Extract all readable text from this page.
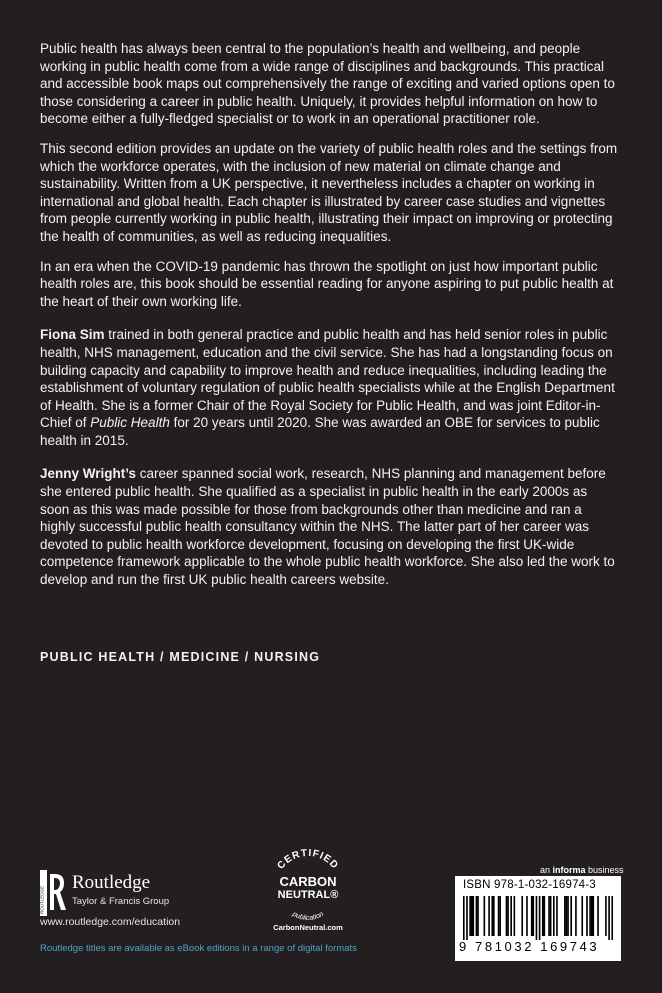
Public health has always been central to the population’s health and wellbeing, and people working in public health come from a wide range of disciplines and backgrounds. This practical and accessible book maps out comprehensively the range of exciting and varied options open to those considering a career in public health. Uniquely, it provides helpful information on how to become either a fully-fledged specialist or to work in an operational practitioner role.

This second edition provides an update on the variety of public health roles and the settings from which the workforce operates, with the inclusion of new material on climate change and sustainability. Written from a UK perspective, it nevertheless includes a chapter on working in international and global health. Each chapter is illustrated by career case studies and vignettes from people currently working in public health, illustrating their impact on improving or protecting the health of communities, as well as reducing inequalities.

In an era when the COVID-19 pandemic has thrown the spotlight on just how important public health roles are, this book should be essential reading for anyone aspiring to put public health at the heart of their own working life.

Fiona Sim trained in both general practice and public health and has held senior roles in public health, NHS management, education and the civil service. She has had a longstanding focus on building capacity and capability to improve health and reduce inequalities, including leading the establishment of voluntary regulation of public health specialists while at the English Department of Health. She is a former Chair of the Royal Society for Public Health, and was joint Editor-in-Chief of Public Health for 20 years until 2020. She was awarded an OBE for services to public health in 2015.

Jenny Wright’s career spanned social work, research, NHS planning and management before she entered public health. She qualified as a specialist in public health in the early 2000s as soon as this was made possible for those from backgrounds other than medicine and ran a highly successful public health consultancy within the NHS. The latter part of her career was devoted to public health workforce development, focusing on developing the first UK-wide competence framework applicable to the whole public health workforce. She also led the work to develop and run the first UK public health careers website.

PUBLIC HEALTH / MEDICINE / NURSING
ROUTLEDGE
Routledge
Taylor & Francis Group
www.routledge.com/education
Routledge titles are available as eBook editions in a range of digital formats
CERTIFIED
CARBON
NEUTRAL®
publication
CarbonNeutral.com
an informa business
ISBN 978-1-032-16974-3
9 781032 169743
